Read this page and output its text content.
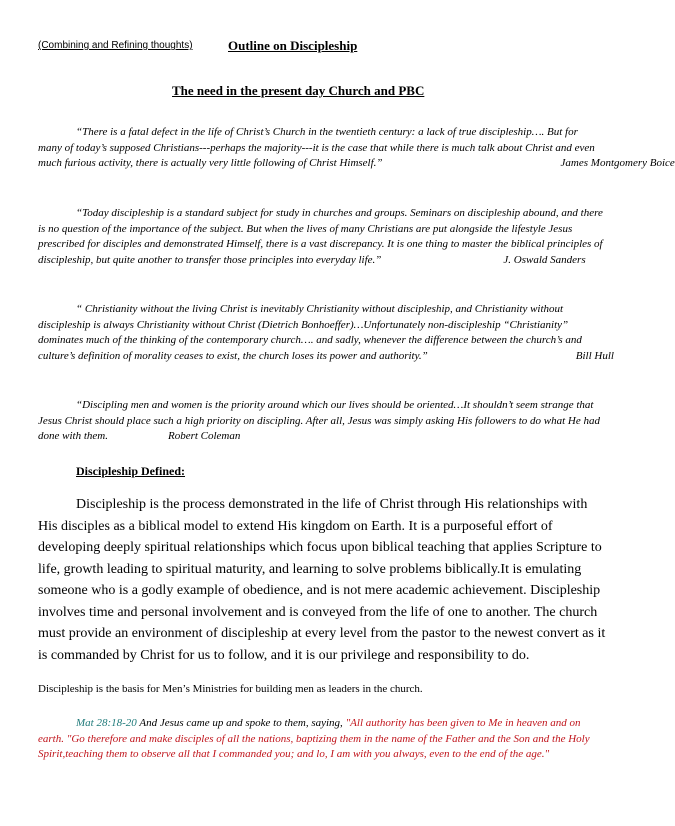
(Combining and Refining thoughts)	Outline on Discipleship
The need in the present day Church and PBC

“There is a fatal defect in the life of Christ’s Church in the twentieth century: a lack of true discipleship…. But for many of today’s supposed Christians---perhaps the majority---it is the case that while there is much talk about Christ and even much furious activity, there is actually very little following of Christ Himself.”	James Montgomery Boice

“Today discipleship is a standard subject for study in churches and groups. Seminars on discipleship abound, and there is no question of the importance of the subject. But when the lives of many Christians are put alongside the lifestyle Jesus prescribed for disciples and demonstrated Himself, there is a vast discrepancy. It is one thing to master the biblical principles of discipleship, but quite another to transfer those principles into everyday life.”	J. Oswald Sanders

“ Christianity without the living Christ is inevitably Christianity without discipleship, and Christianity without discipleship is always Christianity without Christ (Dietrich Bonhoeffer)…Unfortunately non-discipleship “Christianity” dominates much of the thinking of the contemporary church…. and sadly, whenever the difference between the church’s and culture’s definition of morality ceases to exist, the church loses its power and authority.”	Bill Hull

“Discipling men and women is the priority around which our lives should be oriented…It shouldn’t seem strange that Jesus Christ should place such a high priority on discipling. After all, Jesus was simply asking His followers to do what He had done with them.	Robert Coleman

Discipleship Defined:

Discipleship is the process demonstrated in the life of Christ through His relationships with His disciples as a biblical model to extend His kingdom on Earth. It is a purposeful effort of developing deeply spiritual relationships which focus upon biblical teaching that applies Scripture to life, growth leading to spiritual maturity, and learning to solve problems biblically.It is emulating someone who is a godly example of obedience, and is not mere academic achievement. Discipleship involves time and personal involvement and is conveyed from the life of one to another. The church must provide an environment of discipleship at every level from the pastor to the newest convert as it is commanded by Christ for us to follow, and it is our privilege and responsibility to do.

Discipleship is the basis for Men’s Ministries for building men as leaders in the church.

Mat 28:18-20 And Jesus came up and spoke to them, saying, "All authority has been given to Me in heaven and on earth. "Go therefore and make disciples of all the nations, baptizing them in the name of the Father and the Son and the Holy Spirit,teaching them to observe all that I commanded you; and lo, I am with you always, even to the end of the age."
